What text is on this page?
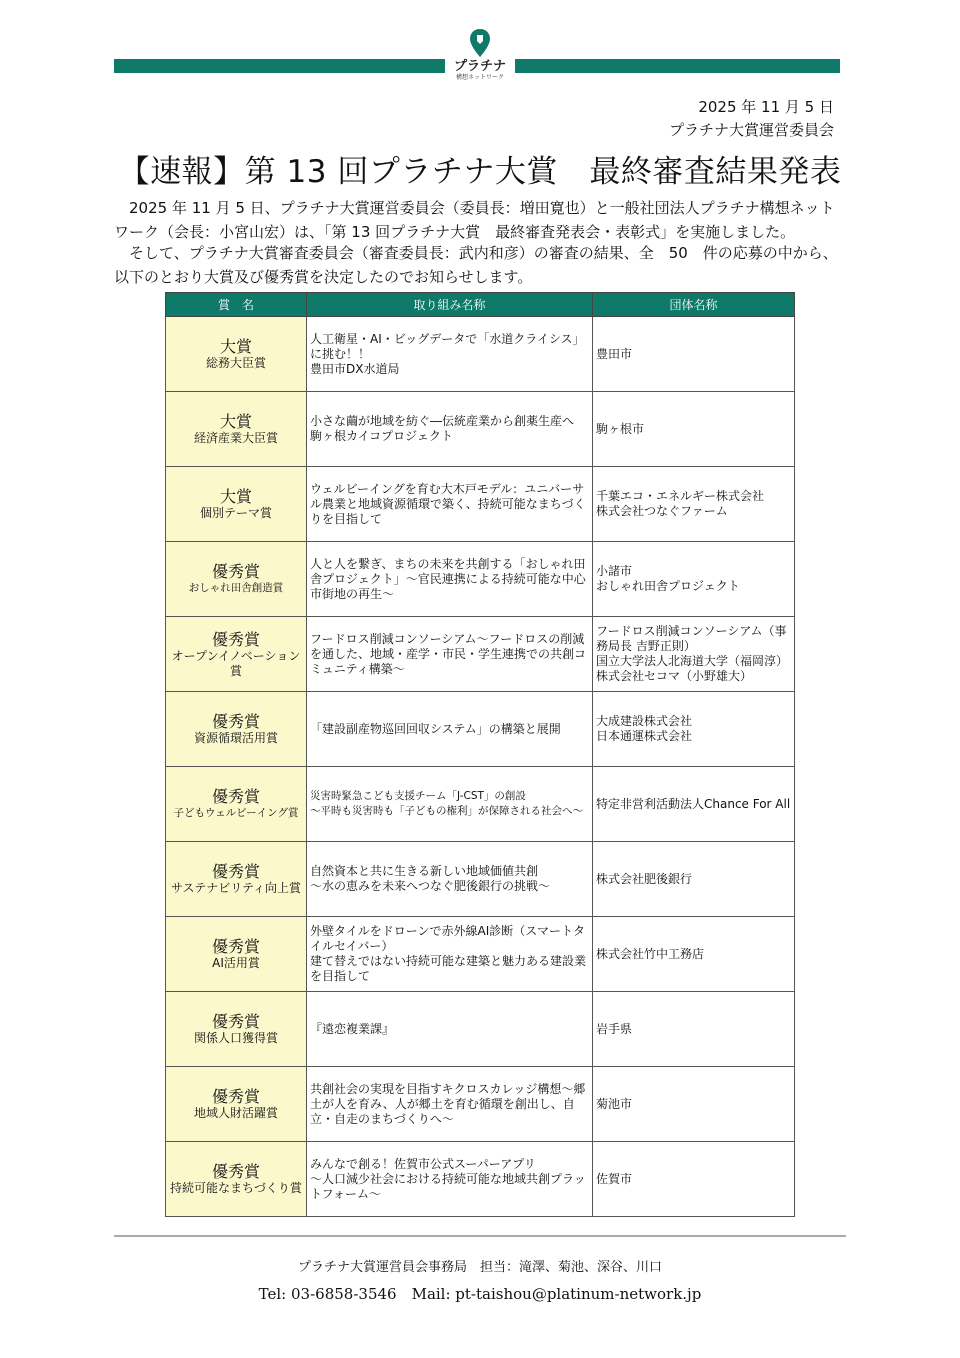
プラチナ
構想ネットワーク
2025 年 11 月 5 日
プラチナ大賞運営委員会
【速報】第 13 回プラチナ大賞　最終審査結果発表
　2025 年 11 月 5 日、プラチナ大賞運営委員会（委員長：増田寛也）と一般社団法人プラチナ構想ネットワーク（会長：小宮山宏）は、「第 13 回プラチナ大賞　最終審査発表会・表彰式」を実施しました。
　そして、プラチナ大賞審査委員会（審査委員長：武内和彦）の審査の結果、全　50　件の応募の中から、以下のとおり大賞及び優秀賞を決定したのでお知らせします。
賞　名	取り組み名称	団体名称

大賞
総務大臣賞	人工衛星・AI・ビッグデータで「水道クライシス」に挑む！！
豊田市DX水道局	豊田市

大賞
経済産業大臣賞	小さな繭が地域を紡ぐ―伝統産業から創薬生産へ
駒ヶ根カイコプロジェクト	駒ヶ根市

大賞
個別テーマ賞	ウェルビーイングを育む大木戸モデル：ユニバーサル農業と地域資源循環で築く、持続可能なまちづくりを目指して	千葉エコ・エネルギー株式会社
株式会社つなぐファーム

優秀賞
おしゃれ田舎創造賞	人と人を繋ぎ、まちの未来を共創する「おしゃれ田舎プロジェクト」～官民連携による持続可能な中心市街地の再生～	小諸市
おしゃれ田舎プロジェクト

優秀賞
オープンイノベーション賞	フードロス削減コンソーシアム～フードロスの削減を通した、地域・産学・市民・学生連携での共創コミュニティ構築～	フードロス削減コンソーシアム（事務局長 吉野正則）
国立大学法人北海道大学（福岡淳）
株式会社セコマ（小野雄大）

優秀賞
資源循環活用賞	「建設副産物巡回回収システム」の構築と展開	大成建設株式会社
日本通運株式会社

優秀賞
子どもウェルビーイング賞	災害時緊急こども支援チーム「J-CST」の創設
～平時も災害時も「子どもの権利」が保障される社会へ～	特定非営利活動法人Chance For All

優秀賞
サステナビリティ向上賞	自然資本と共に生きる新しい地域価値共創
～水の恵みを未来へつなぐ肥後銀行の挑戦～	株式会社肥後銀行

優秀賞
AI活用賞	外壁タイルをドローンで赤外線AI診断（スマートタイルセイバー）
建て替えではない持続可能な建築と魅力ある建設業を目指して	株式会社竹中工務店

優秀賞
関係人口獲得賞	『遠恋複業課』	岩手県

優秀賞
地域人財活躍賞	共創社会の実現を目指すキクロスカレッジ構想～郷土が人を育み、人が郷土を育む循環を創出し、自立・自走のまちづくりへ～	菊池市

優秀賞
持続可能なまちづくり賞	みんなで創る！佐賀市公式スーパーアプリ
～人口減少社会における持続可能な地域共創プラットフォーム～	佐賀市
プラチナ大賞運営員会事務局　担当：滝澤、菊池、深谷、川口
Tel: 03-6858-3546　Mail: pt-taishou@platinum-network.jp
